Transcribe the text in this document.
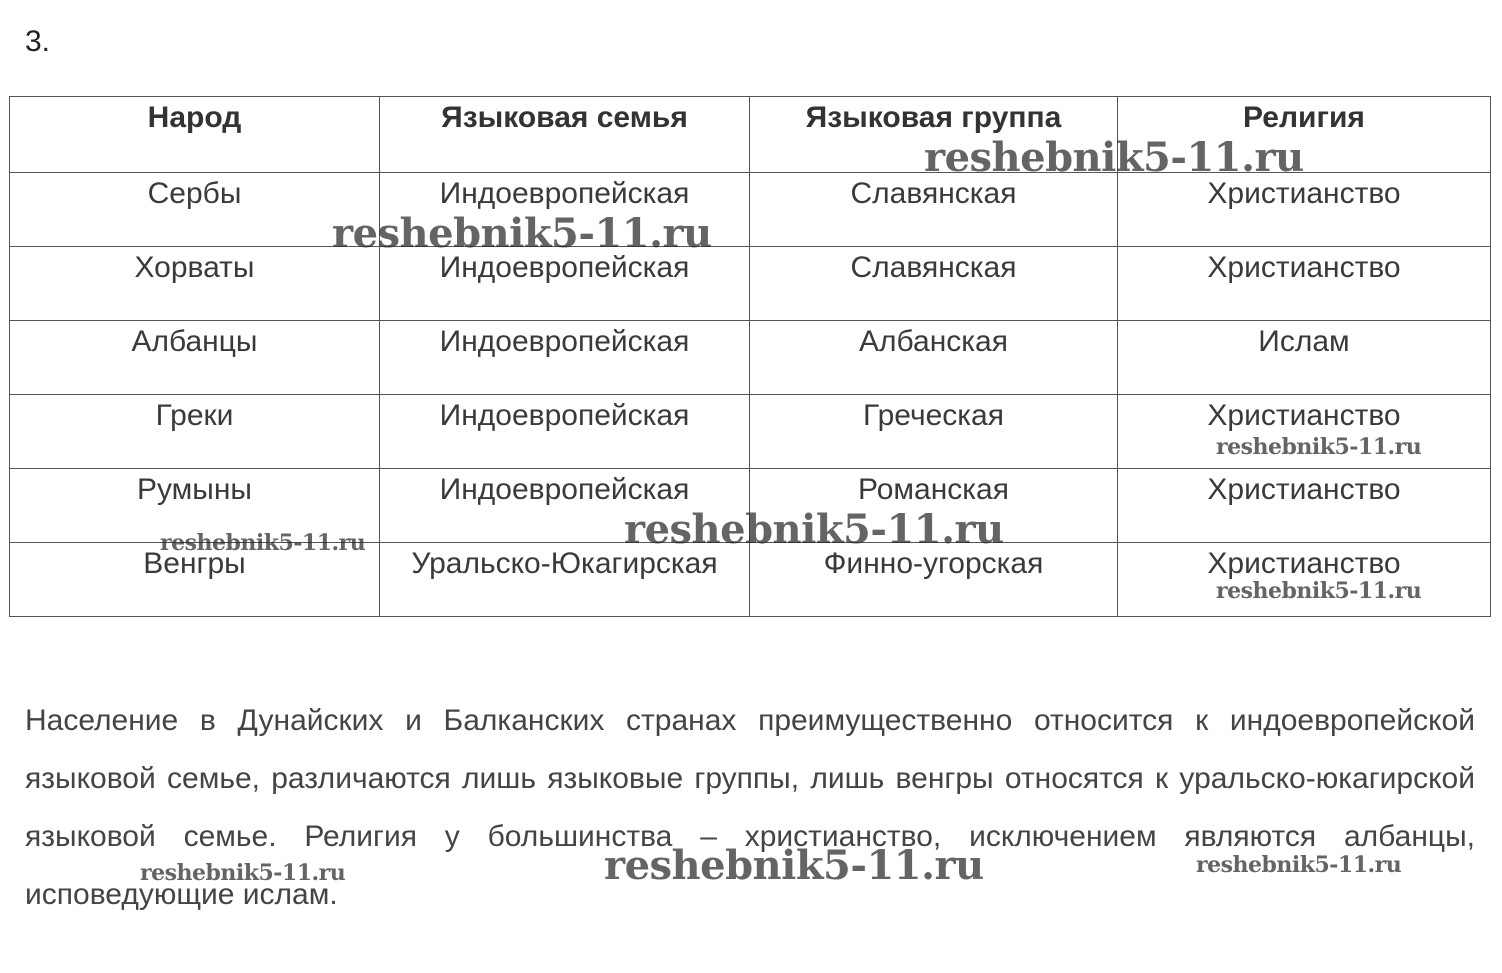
3.
Народ	Языковая семья	Языковая группа	Религия
Сербы	Индоевропейская	Славянская	Христианство
Хорваты	Индоевропейская	Славянская	Христианство
Албанцы	Индоевропейская	Албанская	Ислам
Греки	Индоевропейская	Греческая	Христианство
Румыны	Индоевропейская	Романская	Христианство
Венгры	Уральско-Юкагирская	Финно-угорская	Христианство

Население в Дунайских и Балканских странах преимущественно относится к индоевропейской языковой семье, различаются лишь языковые группы, лишь венгры относятся к уральско-юкагирской языковой семье. Религия у большинства – христианство, исключением являются албанцы, исповедующие ислам.

reshebnik5-11.ru
reshebnik5-11.ru
reshebnik5-11.ru
reshebnik5-11.ru
reshebnik5-11.ru
reshebnik5-11.ru
reshebnik5-11.ru
reshebnik5-11.ru	reshebnik5-11.ru
